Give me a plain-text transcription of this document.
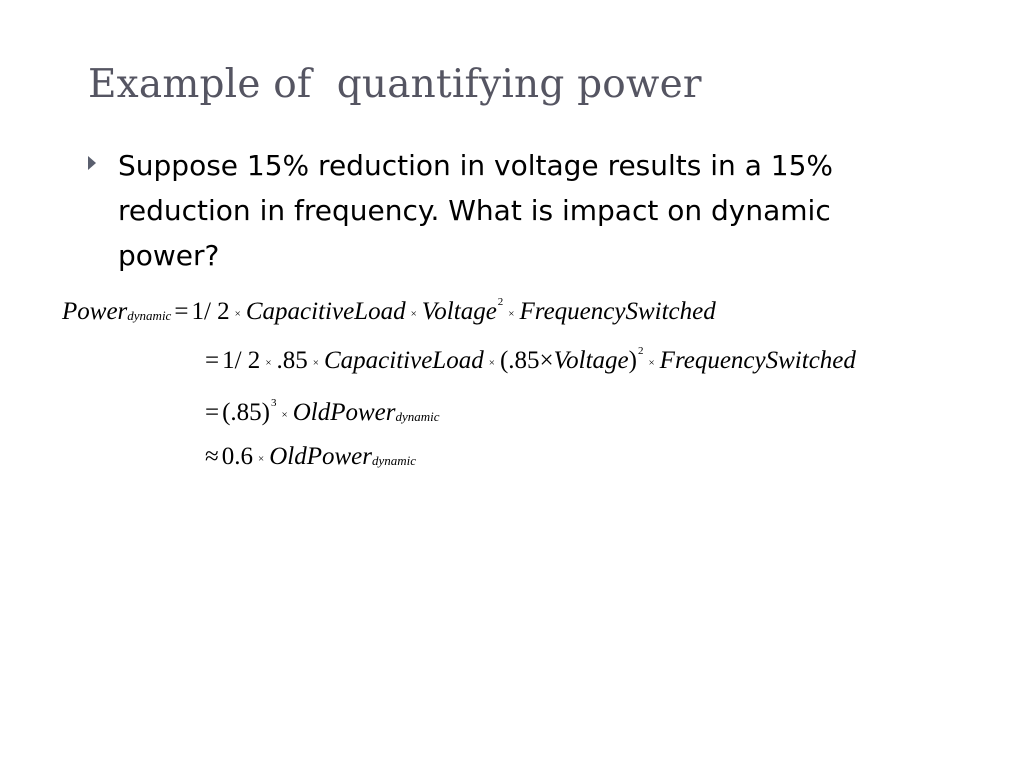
Example of  quantifying power
Suppose 15% reduction in voltage results in a 15% reduction in frequency. What is impact on dynamic power?
Powerdynamic = 1/ 2 × CapacitiveLoad × Voltage$^2$× FrequencySwitched
= 1/ 2 × .85 × CapacitiveLoad × (.85×Voltage)$^2$× FrequencySwitched
= $(.85)^3\times$ OldPowerdynamic
≈ 0.6 × OldPowerdynamic
